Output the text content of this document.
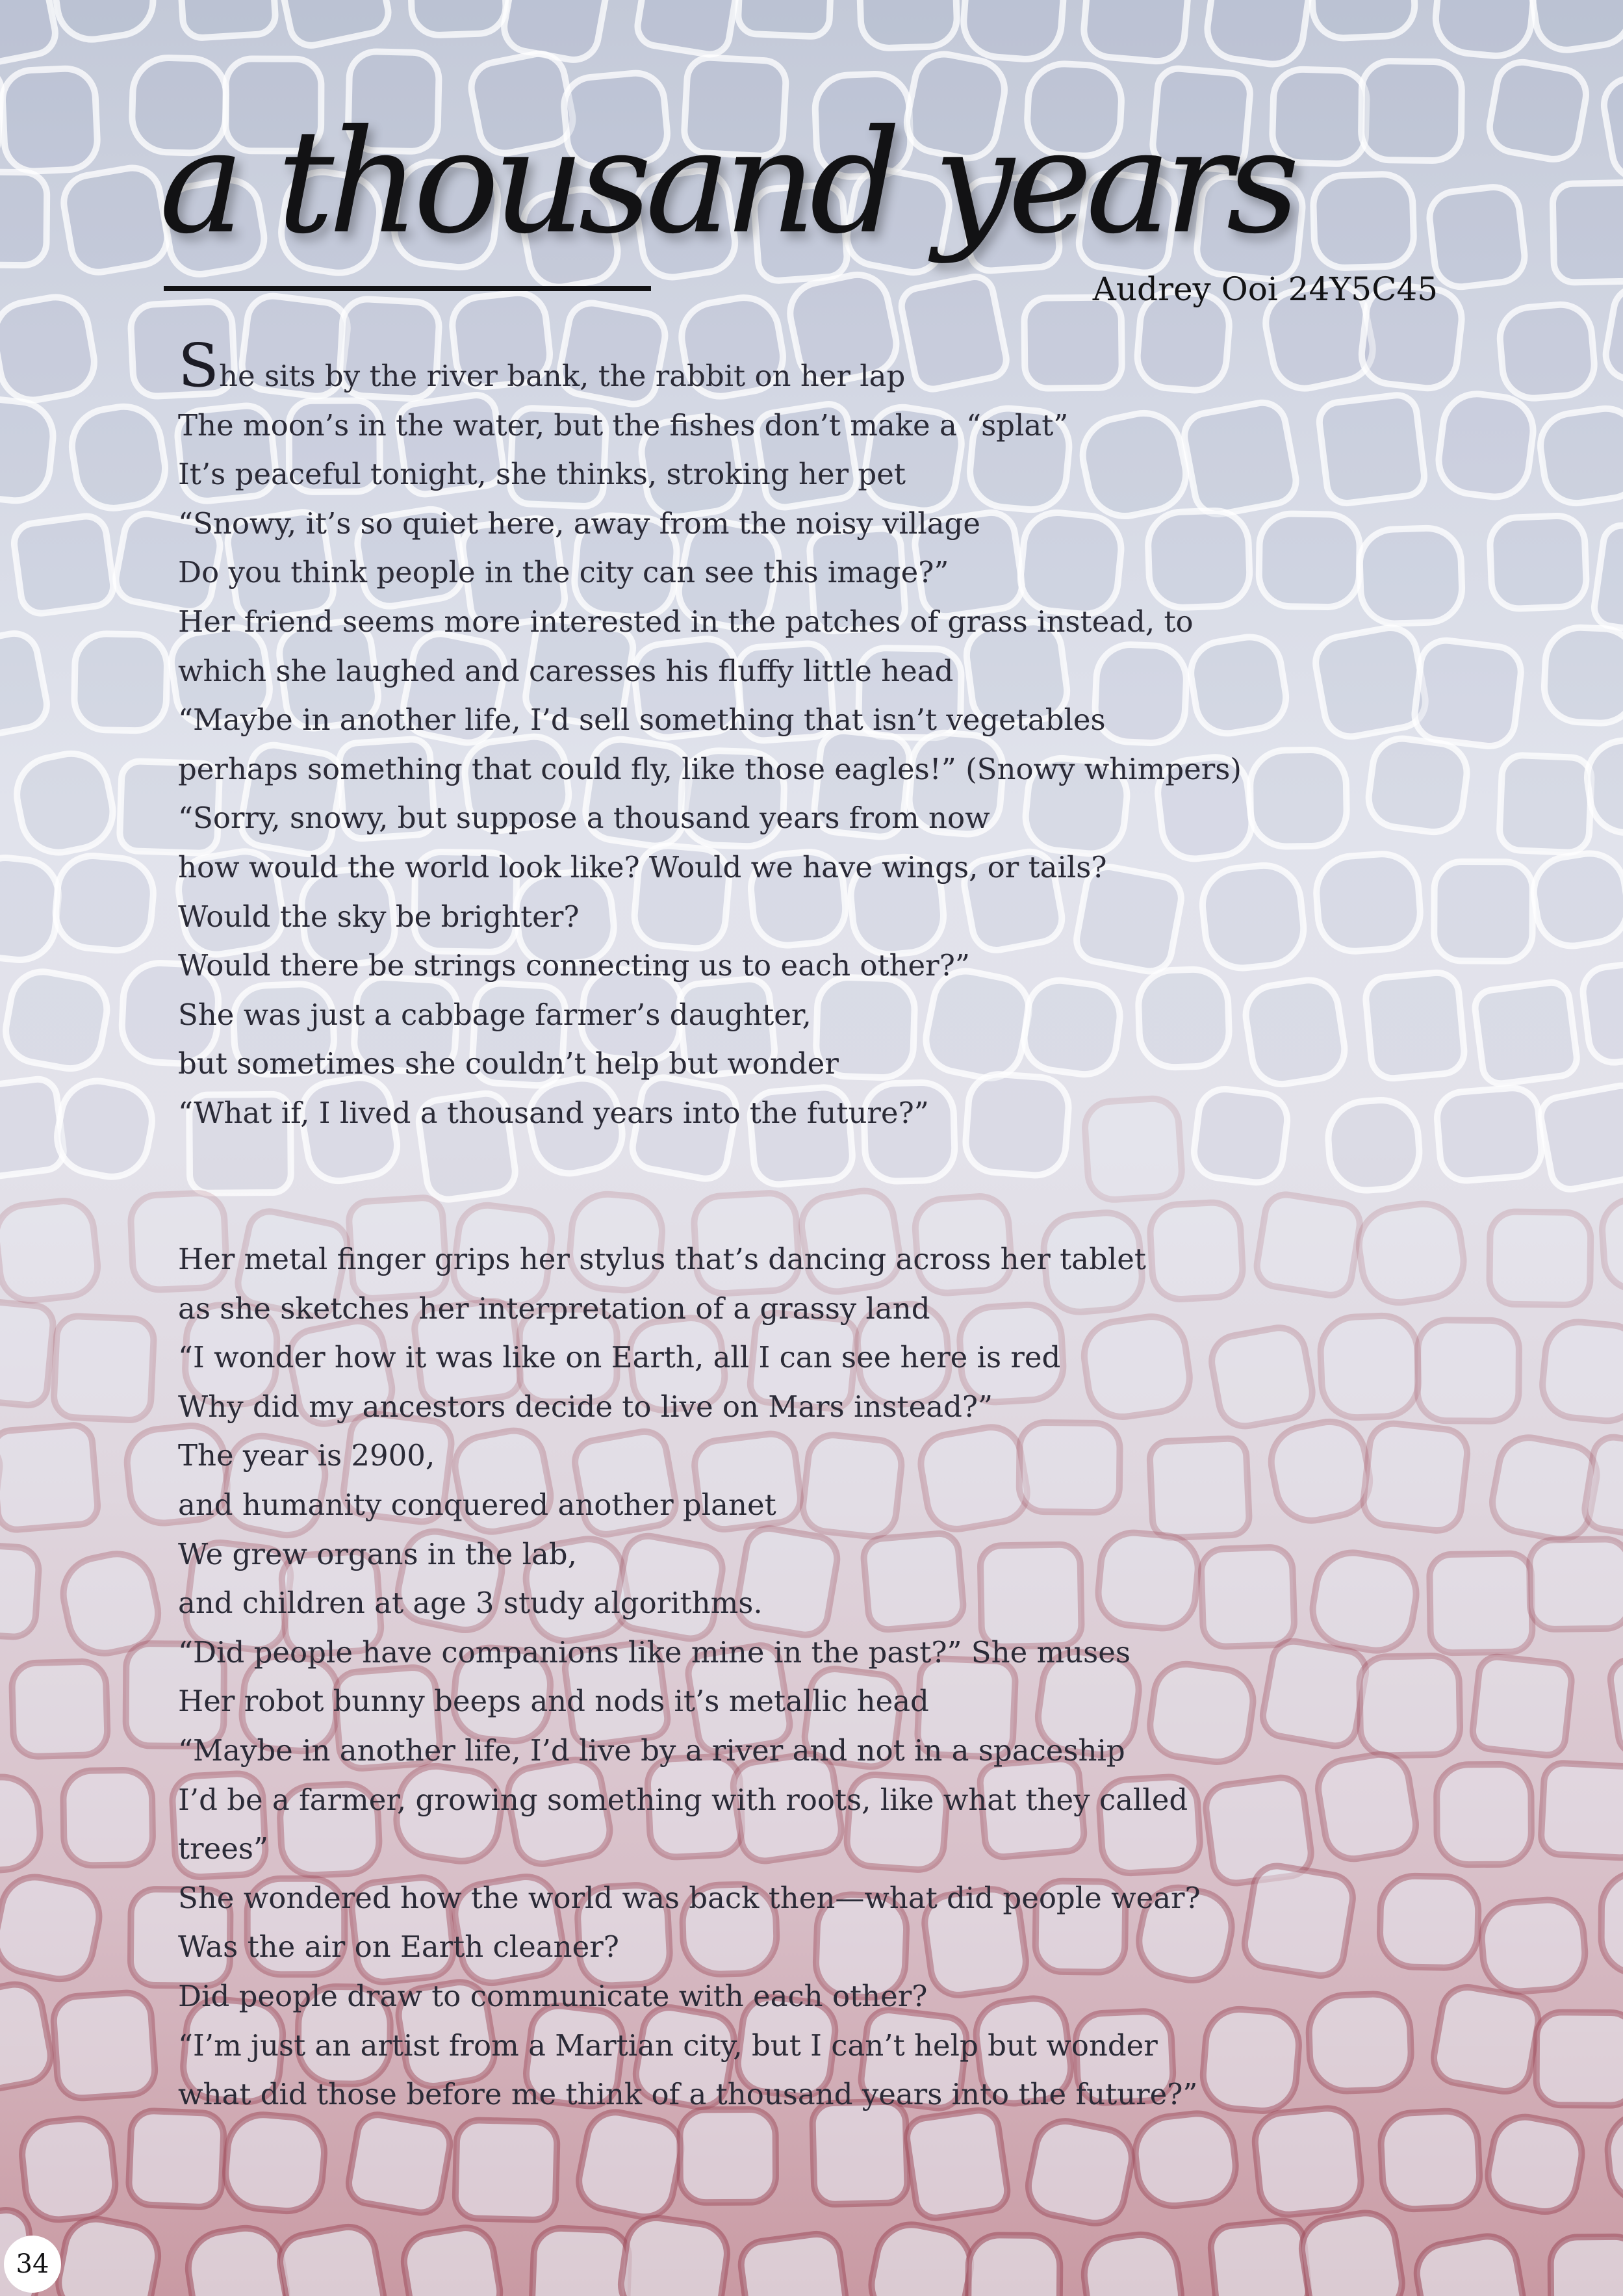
a thousand years
Audrey Ooi 24Y5C45
She sits by the river bank, the rabbit on her lap
The moon’s in the water, but the fishes don’t make a “splat”
It’s peaceful tonight, she thinks, stroking her pet
“Snowy, it’s so quiet here, away from the noisy village
Do you think people in the city can see this image?”
Her friend seems more interested in the patches of grass instead, to
which she laughed and caresses his fluffy little head
“Maybe in another life, I’d sell something that isn’t vegetables
perhaps something that could fly, like those eagles!” (Snowy whimpers)
“Sorry, snowy, but suppose a thousand years from now
how would the world look like? Would we have wings, or tails?
Would the sky be brighter?
Would there be strings connecting us to each other?”
She was just a cabbage farmer’s daughter,
but sometimes she couldn’t help but wonder
“What if, I lived a thousand years into the future?”
Her metal finger grips her stylus that’s dancing across her tablet
as she sketches her interpretation of a grassy land
“I wonder how it was like on Earth, all I can see here is red
Why did my ancestors decide to live on Mars instead?”
The year is 2900,
and humanity conquered another planet
We grew organs in the lab,
and children at age 3 study algorithms.
“Did people have companions like mine in the past?” She muses
Her robot bunny beeps and nods it’s metallic head
“Maybe in another life, I’d live by a river and not in a spaceship
I’d be a farmer, growing something with roots, like what they called
trees”
She wondered how the world was back then—what did people wear?
Was the air on Earth cleaner?
Did people draw to communicate with each other?
“I’m just an artist from a Martian city, but I can’t help but wonder
what did those before me think of a thousand years into the future?”
34
